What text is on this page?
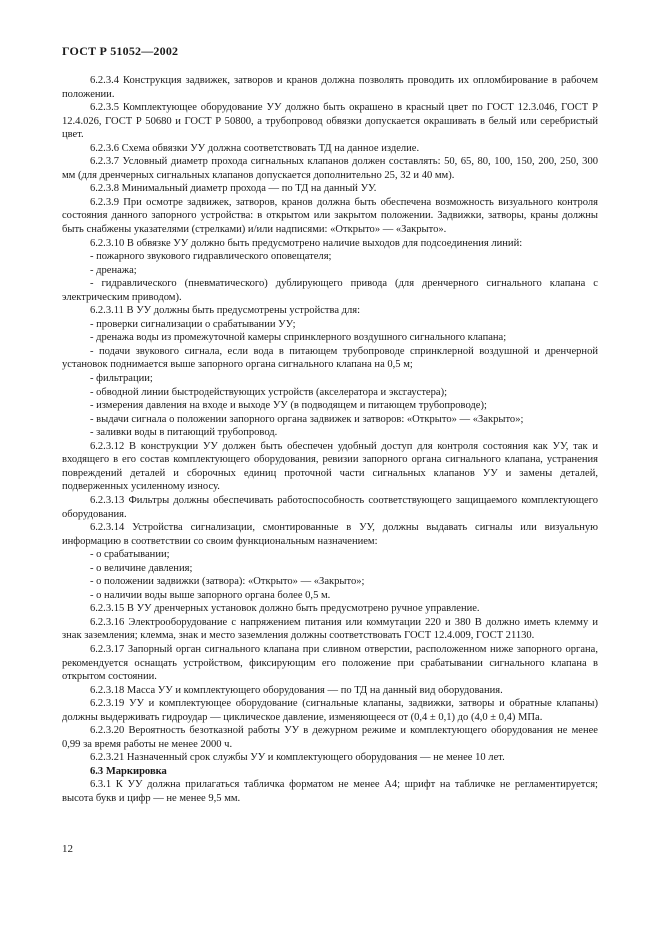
ГОСТ Р 51052—2002

6.2.3.4 Конструкция задвижек, затворов и кранов должна позволять проводить их опломбирование в рабочем положении.

6.2.3.5 Комплектующее оборудование УУ должно быть окрашено в красный цвет по ГОСТ 12.3.046, ГОСТ Р 12.4.026, ГОСТ Р 50680 и ГОСТ Р 50800, а трубопровод обвязки допускается окрашивать в белый или серебристый цвет.

6.2.3.6 Схема обвязки УУ должна соответствовать ТД на данное изделие.

6.2.3.7 Условный диаметр прохода сигнальных клапанов должен составлять: 50, 65, 80, 100, 150, 200, 250, 300 мм (для дренчерных сигнальных клапанов допускается дополнительно 25, 32 и 40 мм).

6.2.3.8 Минимальный диаметр прохода — по ТД на данный УУ.

6.2.3.9 При осмотре задвижек, затворов, кранов должна быть обеспечена возможность визуального контроля состояния данного запорного устройства: в открытом или закрытом положении. Задвижки, затворы, краны должны быть снабжены указателями (стрелками) и/или надписями: «Открыто» — «Закрыто».

6.2.3.10 В обвязке УУ должно быть предусмотрено наличие выходов для подсоединения линий:

- пожарного звукового гидравлического оповещателя;

- дренажа;

- гидравлического (пневматического) дублирующего привода (для дренчерного сигнального клапана с электрическим приводом).

6.2.3.11 В УУ должны быть предусмотрены устройства для:

- проверки сигнализации о срабатывании УУ;

- дренажа воды из промежуточной камеры спринклерного воздушного сигнального клапана;

- подачи звукового сигнала, если вода в питающем трубопроводе спринклерной воздушной и дренчерной установок поднимается выше запорного органа сигнального клапана на 0,5 м;

- фильтрации;

- обводной линии быстродействующих устройств (акселератора и эксгаустера);

- измерения давления на входе и выходе УУ (в подводящем и питающем трубопроводе);

- выдачи сигнала о положении запорного органа задвижек и затворов: «Открыто» — «Закрыто»;

- заливки воды в питающий трубопровод.

6.2.3.12 В конструкции УУ должен быть обеспечен удобный доступ для контроля состояния как УУ, так и входящего в его состав комплектующего оборудования, ревизии запорного органа сигнального клапана, устранения повреждений деталей и сборочных единиц проточной части сигнальных клапанов УУ и замены деталей, подверженных усиленному износу.

6.2.3.13 Фильтры должны обеспечивать работоспособность соответствующего защищаемого комплектующего оборудования.

6.2.3.14 Устройства сигнализации, смонтированные в УУ, должны выдавать сигналы или визуальную информацию в соответствии со своим функциональным назначением:

- о срабатывании;

- о величине давления;

- о положении задвижки (затвора): «Открыто» — «Закрыто»;

- о наличии воды выше запорного органа более 0,5 м.

6.2.3.15 В УУ дренчерных установок должно быть предусмотрено ручное управление.

6.2.3.16 Электрооборудование с напряжением питания или коммутации 220 и 380 В должно иметь клемму и знак заземления; клемма, знак и место заземления должны соответствовать ГОСТ 12.4.009, ГОСТ 21130.

6.2.3.17 Запорный орган сигнального клапана при сливном отверстии, расположенном ниже запорного органа, рекомендуется оснащать устройством, фиксирующим его положение при срабатывании сигнального клапана в открытом состоянии.

6.2.3.18 Масса УУ и комплектующего оборудования — по ТД на данный вид оборудования.

6.2.3.19 УУ и комплектующее оборудование (сигнальные клапаны, задвижки, затворы и обратные клапаны) должны выдерживать гидроудар — циклическое давление, изменяющееся от (0,4 ± 0,1) до (4,0 ± 0,4) МПа.

6.2.3.20 Вероятность безотказной работы УУ в дежурном режиме и комплектующего оборудования не менее 0,99 за время работы не менее 2000 ч.

6.2.3.21 Назначенный срок службы УУ и комплектующего оборудования — не менее 10 лет.

6.3 Маркировка

6.3.1 К УУ должна прилагаться табличка форматом не менее А4; шрифт на табличке не регламентируется; высота букв и цифр — не менее 9,5 мм.

12
